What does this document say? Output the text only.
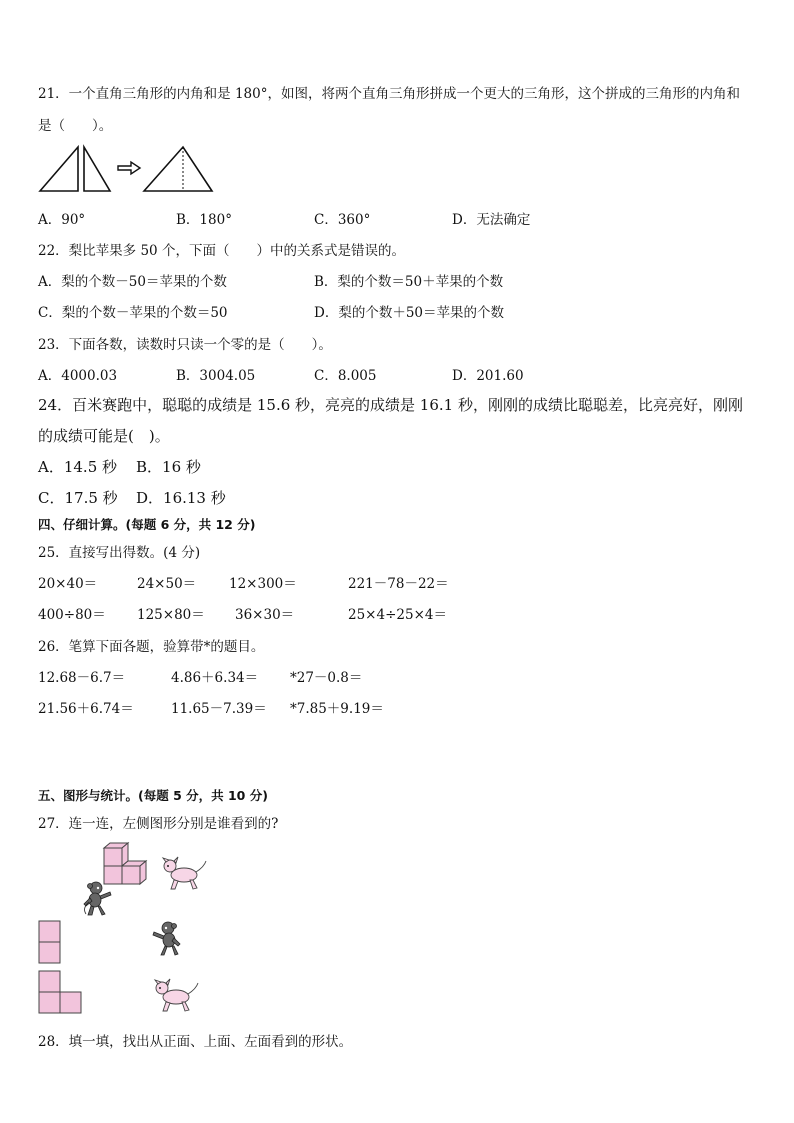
21．一个直角三角形的内角和是 180°，如图，将两个直角三角形拼成一个更大的三角形，这个拼成的三角形的内角和
是（　　）。
A．90°	B．180°	C．360°	D．无法确定
22．梨比苹果多 50 个，下面（　　）中的关系式是错误的。
A．梨的个数－50＝苹果的个数	B．梨的个数＝50＋苹果的个数
C．梨的个数－苹果的个数＝50	D．梨的个数＋50＝苹果的个数
23．下面各数，读数时只读一个零的是（　　）。
A．4000.03	B．3004.05	C．8.005	D．201.60
24．百米赛跑中，聪聪的成绩是 15.6 秒，亮亮的成绩是 16.1 秒，刚刚的成绩比聪聪差，比亮亮好，刚刚
的成绩可能是(　)。
A．14.5 秒 B．16 秒
C．17.5 秒 D．16.13 秒
四、仔细计算。(每题 6 分，共 12 分)
25．直接写出得数。(4 分)
20×40＝	24×50＝ 12×300＝	221－78－22＝
400÷80＝ 125×80＝ 36×30＝	25×4÷25×4＝
26．笔算下面各题，验算带*的题目。
12.68－6.7＝	4.86＋6.34＝ *27－0.8＝
21.56＋6.74＝	11.65－7.39＝ *7.85＋9.19＝
五、图形与统计。(每题 5 分，共 10 分)
27．连一连，左侧图形分别是谁看到的?
28．填一填，找出从正面、上面、左面看到的形状。
